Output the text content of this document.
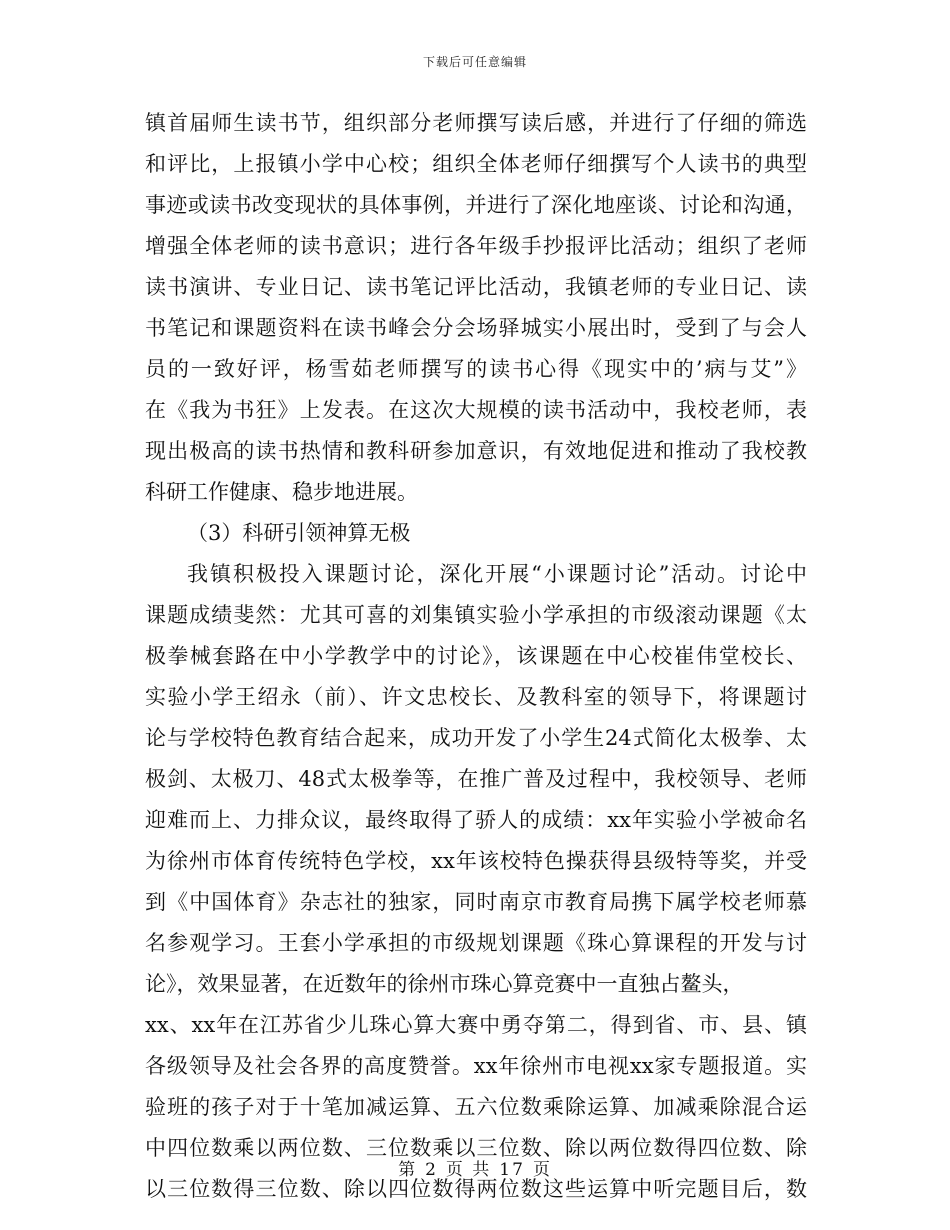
下载后可任意编辑
镇首届师生读书节，组织部分老师撰写读后感，并进行了仔细的筛选
和评比，上报镇小学中心校；组织全体老师仔细撰写个人读书的典型
事迹或读书改变现状的具体事例，并进行了深化地座谈、讨论和沟通，
增强全体老师的读书意识；进行各年级手抄报评比活动；组织了老师
读书演讲、专业日记、读书笔记评比活动，我镇老师的专业日记、读
书笔记和课题资料在读书峰会分会场驿城实小展出时，受到了与会人
员的一致好评，杨雪茹老师撰写的读书心得《现实中的’病与艾”》
在《我为书狂》上发表。在这次大规模的读书活动中，我校老师，表
现出极高的读书热情和教科研参加意识，有效地促进和推动了我校教
科研工作健康、稳步地进展。
（3）科研引领神算无极
我镇积极投入课题讨论，深化开展“小课题讨论”活动。讨论中
课题成绩斐然：尤其可喜的刘集镇实验小学承担的市级滚动课题《太
极拳械套路在中小学教学中的讨论》，该课题在中心校崔伟堂校长、
实验小学王绍永（前）、许文忠校长、及教科室的领导下，将课题讨
论与学校特色教育结合起来，成功开发了小学生24式简化太极拳、太
极剑、太极刀、48式太极拳等，在推广普及过程中，我校领导、老师
迎难而上、力排众议，最终取得了骄人的成绩：xx年实验小学被命名
为徐州市体育传统特色学校，xx年该校特色操获得县级特等奖，并受
到《中国体育》杂志社的独家，同时南京市教育局携下属学校老师慕
名参观学习。王套小学承担的市级规划课题《珠心算课程的开发与讨
论》，效果显著，在近数年的徐州市珠心算竞赛中一直独占鳌头，
xx、xx年在江苏省少儿珠心算大赛中勇夺第二，得到省、市、县、镇
各级领导及社会各界的高度赞誉。xx年徐州市电视xx家专题报道。实
验班的孩子对于十笔加减运算、五六位数乘除运算、加减乘除混合运
中四位数乘以两位数、三位数乘以三位数、除以两位数得四位数、除
以三位数得三位数、除以四位数得两位数这些运算中听完题目后，数
第 2 页 共 17 页
